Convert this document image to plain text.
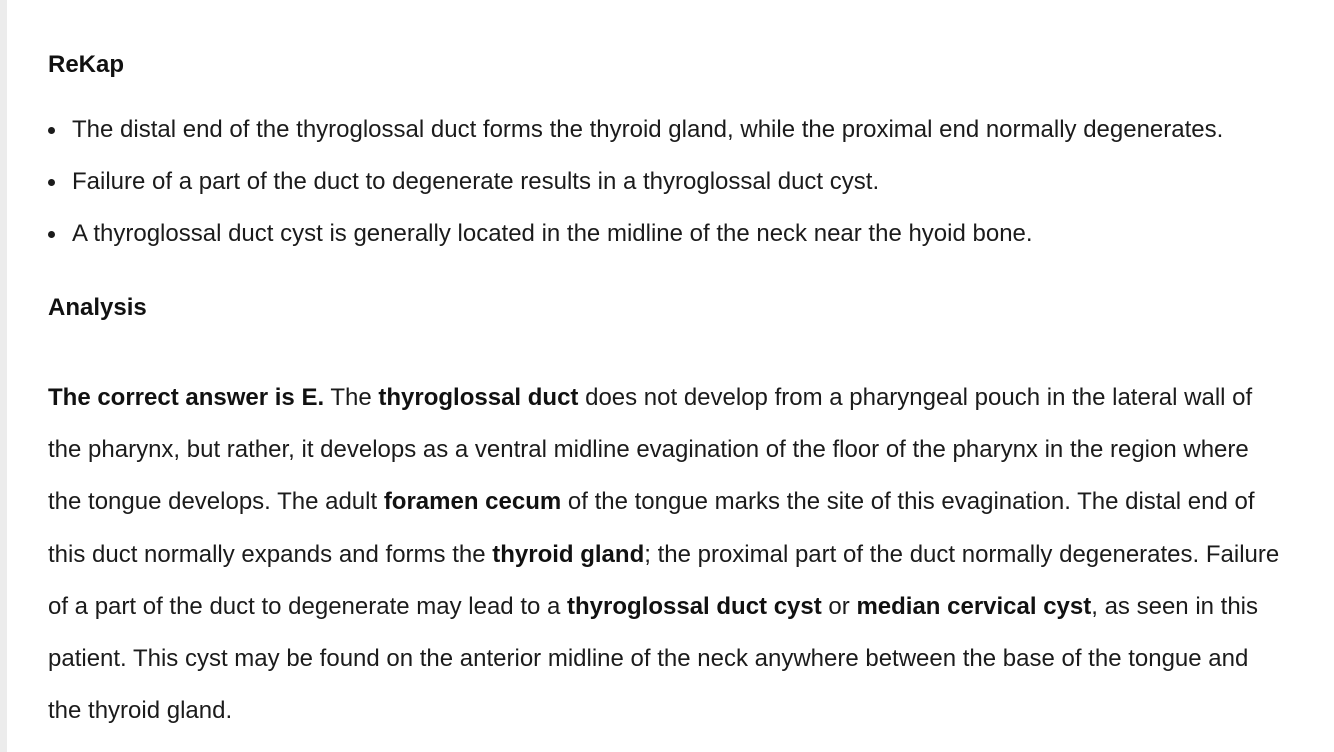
ReKap
The distal end of the thyroglossal duct forms the thyroid gland, while the proximal end normally degenerates.
Failure of a part of the duct to degenerate results in a thyroglossal duct cyst.
A thyroglossal duct cyst is generally located in the midline of the neck near the hyoid bone.
Analysis

The correct answer is E. The thyroglossal duct does not develop from a pharyngeal pouch in the lateral wall of the pharynx, but rather, it develops as a ventral midline evagination of the floor of the pharynx in the region where the tongue develops. The adult foramen cecum of the tongue marks the site of this evagination. The distal end of this duct normally expands and forms the thyroid gland; the proximal part of the duct normally degenerates. Failure of a part of the duct to degenerate may lead to a thyroglossal duct cyst or median cervical cyst, as seen in this patient. This cyst may be found on the anterior midline of the neck anywhere between the base of the tongue and the thyroid gland.
